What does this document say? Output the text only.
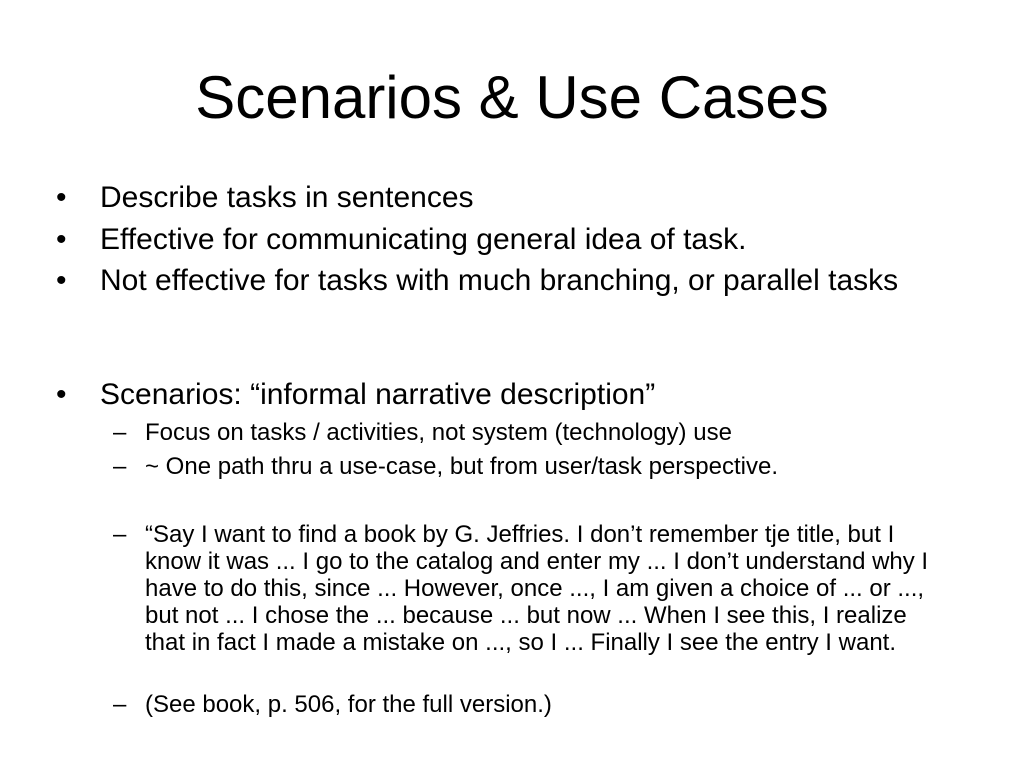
Scenarios & Use Cases
• Describe tasks in sentences
• Effective for communicating general idea of task.
• Not effective for tasks with much branching, or parallel tasks
• Scenarios: “informal narrative description”
– Focus on tasks / activities, not system (technology) use
– ~ One path thru a use-case, but from user/task perspective.
– “Say I want to find a book by G. Jeffries. I don’t remember tje title, but I know it was ... I go to the catalog and enter my ... I don’t understand why I have to do this, since ... However, once ..., I am given a choice of ... or ..., but not ... I chose the ... because ... but now ... When I see this, I realize that in fact I made a mistake on ..., so I ... Finally I see the entry I want.
– (See book, p. 506, for the full version.)
